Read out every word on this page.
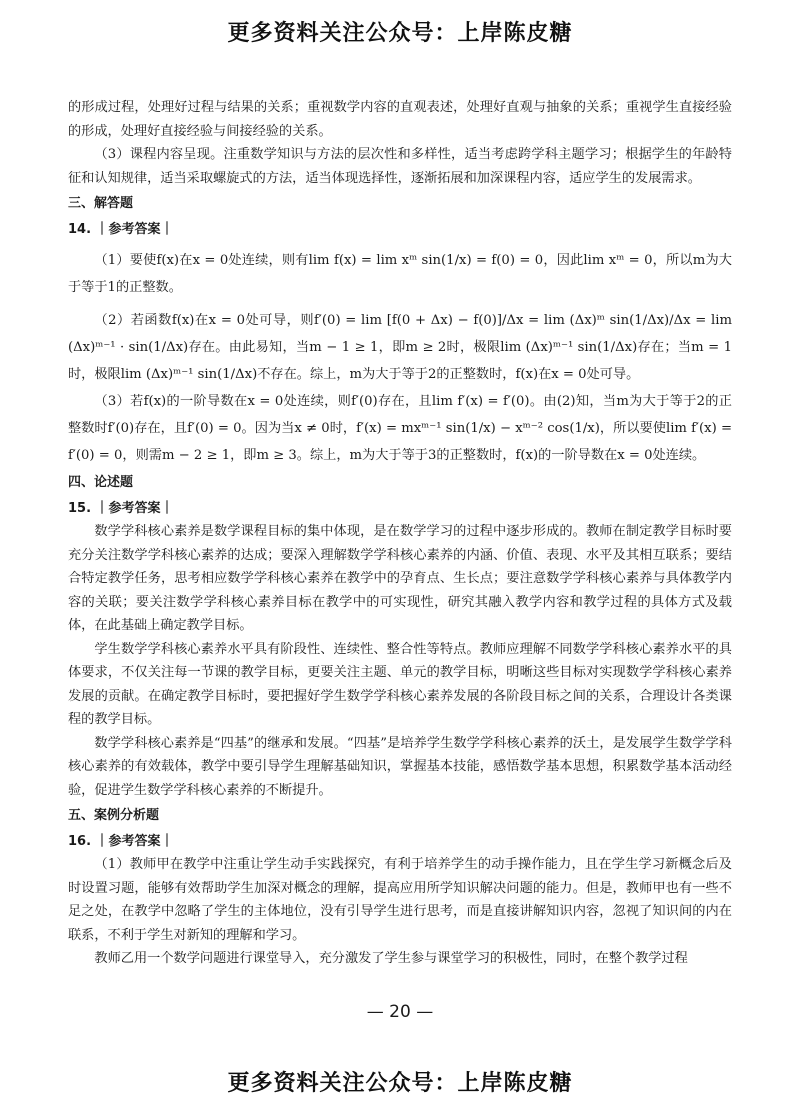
更多资料关注公众号：上岸陈皮糖

的形成过程，处理好过程与结果的关系；重视数学内容的直观表述，处理好直观与抽象的关系；重视学生直接经验的形成，处理好直接经验与间接经验的关系。

（3）课程内容呈现。注重数学知识与方法的层次性和多样性，适当考虑跨学科主题学习；根据学生的年龄特征和认知规律，适当采取螺旋式的方法，适当体现选择性，逐渐拓展和加深课程内容，适应学生的发展需求。

三、解答题

14. ｜参考答案｜

（1）要使f(x)在x = 0处连续，则有lim f(x) = lim xᵐ sin(1/x) = f(0) = 0，因此lim xᵐ = 0，所以m为大于等于1的正整数。

（2）若函数f(x)在x = 0处可导，则f′(0) = lim [f(0 + Δx) − f(0)]/Δx = lim (Δx)ᵐ sin(1/Δx)/Δx = lim (Δx)ᵐ⁻¹ · sin(1/Δx)存在。由此易知，当m − 1 ≥ 1，即m ≥ 2时，极限lim (Δx)ᵐ⁻¹ sin(1/Δx)存在；当m = 1时，极限lim (Δx)ᵐ⁻¹ sin(1/Δx)不存在。综上，m为大于等于2的正整数时，f(x)在x = 0处可导。

（3）若f(x)的一阶导数在x = 0处连续，则f′(0)存在，且lim f′(x) = f′(0)。由(2)知，当m为大于等于2的正整数时f′(0)存在，且f′(0) = 0。因为当x ≠ 0时，f′(x) = mxᵐ⁻¹ sin(1/x) − xᵐ⁻² cos(1/x)，所以要使lim f′(x) = f′(0) = 0，则需m − 2 ≥ 1，即m ≥ 3。综上，m为大于等于3的正整数时，f(x)的一阶导数在x = 0处连续。

四、论述题

15. ｜参考答案｜

数学学科核心素养是数学课程目标的集中体现，是在数学学习的过程中逐步形成的。教师在制定教学目标时要充分关注数学学科核心素养的达成；要深入理解数学学科核心素养的内涵、价值、表现、水平及其相互联系；要结合特定教学任务，思考相应数学学科核心素养在教学中的孕育点、生长点；要注意数学学科核心素养与具体教学内容的关联；要关注数学学科核心素养目标在教学中的可实现性，研究其融入教学内容和教学过程的具体方式及载体，在此基础上确定教学目标。

学生数学学科核心素养水平具有阶段性、连续性、整合性等特点。教师应理解不同数学学科核心素养水平的具体要求，不仅关注每一节课的教学目标，更要关注主题、单元的教学目标，明晰这些目标对实现数学学科核心素养发展的贡献。在确定教学目标时，要把握好学生数学学科核心素养发展的各阶段目标之间的关系，合理设计各类课程的教学目标。

数学学科核心素养是“四基”的继承和发展。“四基”是培养学生数学学科核心素养的沃土，是发展学生数学学科核心素养的有效载体，教学中要引导学生理解基础知识，掌握基本技能，感悟数学基本思想，积累数学基本活动经验，促进学生数学学科核心素养的不断提升。

五、案例分析题

16. ｜参考答案｜

（1）教师甲在教学中注重让学生动手实践探究，有利于培养学生的动手操作能力，且在学生学习新概念后及时设置习题，能够有效帮助学生加深对概念的理解，提高应用所学知识解决问题的能力。但是，教师甲也有一些不足之处，在教学中忽略了学生的主体地位，没有引导学生进行思考，而是直接讲解知识内容，忽视了知识间的内在联系，不利于学生对新知的理解和学习。

教师乙用一个数学问题进行课堂导入，充分激发了学生参与课堂学习的积极性，同时，在整个教学过程

— 20 —
更多资料关注公众号：上岸陈皮糖
